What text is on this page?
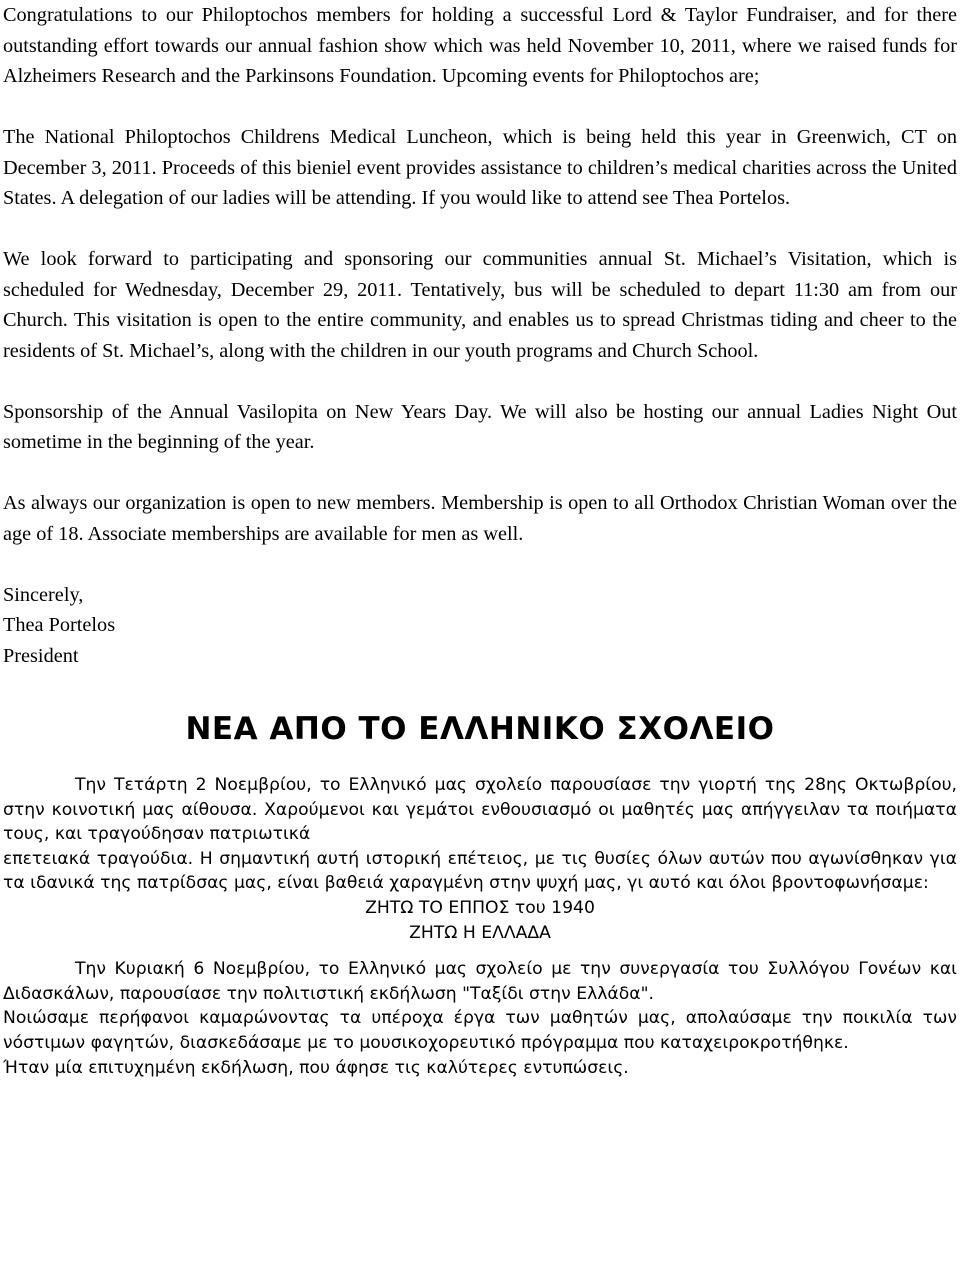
Congratulations to our Philoptochos members for holding a successful Lord & Taylor Fundraiser, and for there outstanding effort towards our annual fashion show which was held November 10, 2011, where we raised funds for Alzheimers Research and the Parkinsons Foundation. Upcoming events for Philoptochos are;

The National Philoptochos Childrens Medical Luncheon, which is being held this year in Greenwich, CT on December 3, 2011. Proceeds of this bieniel event provides assistance to children’s medical charities across the United States. A delegation of our ladies will be attending. If you would like to attend see Thea Portelos.

We look forward to participating and sponsoring our communities annual St. Michael’s Visitation, which is scheduled for Wednesday, December 29, 2011. Tentatively, bus will be scheduled to depart 11:30 am from our Church. This visitation is open to the entire community, and enables us to spread Christmas tiding and cheer to the residents of St. Michael’s, along with the children in our youth programs and Church School.

Sponsorship of the Annual Vasilopita on New Years Day. We will also be hosting our annual Ladies Night Out sometime in the beginning of the year.

As always our organization is open to new members. Membership is open to all Orthodox Christian Woman over the age of 18. Associate memberships are available for men as well.

Sincerely,

Thea Portelos

President

ΝΕΑ ΑΠΟ ΤΟ ΕΛΛΗΝΙΚΟ ΣΧΟΛΕΙΟ

Την Τετάρτη 2 Νοεμβρίου, το Ελληνικό μας σχολείο παρουσίασε την γιορτή της 28ης Οκτωβρίου, στην κοινοτική μας αίθουσα. Χαρούμενοι και γεμάτοι ενθουσιασμό οι μαθητές μας απήγγειλαν τα ποιήματα τους, και τραγούδησαν πατριωτικά

επετειακά τραγούδια. Η σημαντική αυτή ιστορική επέτειος, με τις θυσίες όλων αυτών που αγωνίσθηκαν για τα ιδανικά της πατρίδσας μας, είναι βαθειά χαραγμένη στην ψυχή μας, γι αυτό και όλοι βροντοφωνήσαμε:

ΖΗΤΩ ΤΟ ΕΠΠΟΣ του 1940

ΖΗΤΩ Η ΕΛΛΑΔΑ

Την Κυριακή 6 Νοεμβρίου, το Ελληνικό μας σχολείο με την συνεργασία του Συλλόγου Γονέων και Διδασκάλων, παρουσίασε την πολιτιστική εκδήλωση "Ταξίδι στην Ελλάδα".

Νοιώσαμε περήφανοι καμαρώνοντας τα υπέροχα έργα των μαθητών μας, απολαύσαμε την ποικιλία των νόστιμων φαγητών, διασκεδάσαμε με το μουσικοχορευτικό πρόγραμμα που καταχειροκροτήθηκε.

Ήταν μία επιτυχημένη εκδήλωση, που άφησε τις καλύτερες εντυπώσεις.
